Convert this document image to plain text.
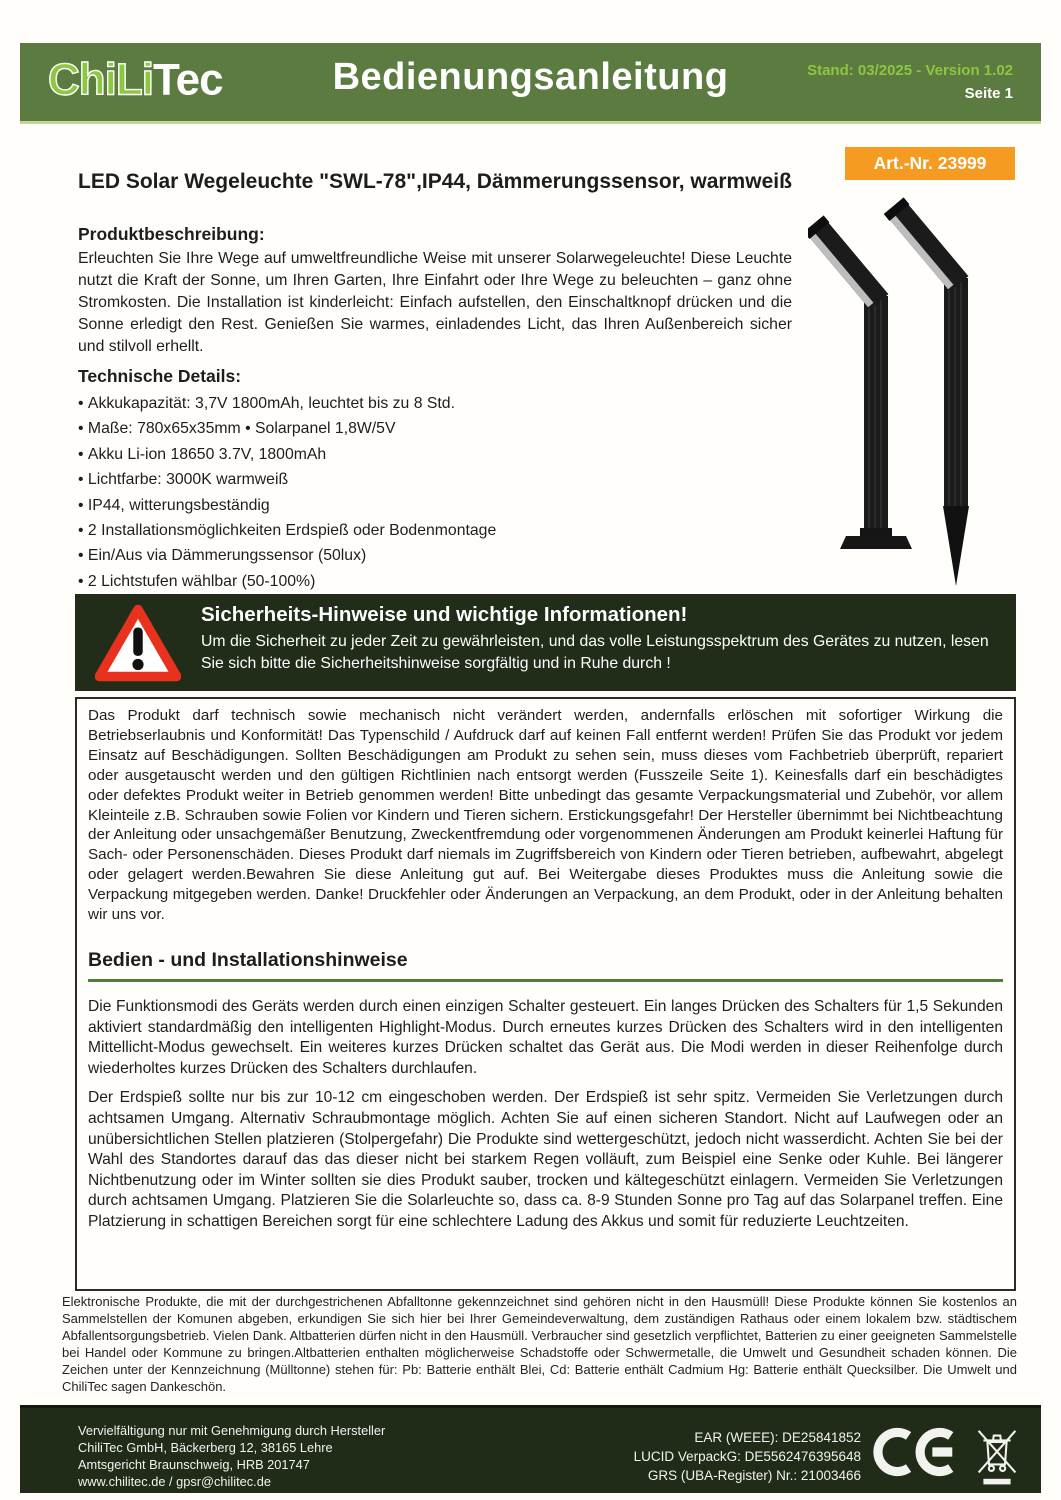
ChiLiTec	Bedienungsanleitung	Stand: 03/2025 - Version 1.02
Seite 1
Art.-Nr. 23999
LED Solar Wegeleuchte "SWL-78",IP44, Dämmerungssensor, warmweiß
Produktbeschreibung:
Erleuchten Sie Ihre Wege auf umweltfreundliche Weise mit unserer Solarwegeleuchte! Diese Leuchte nutzt die Kraft der Sonne, um Ihren Garten, Ihre Einfahrt oder Ihre Wege zu beleuchten – ganz ohne Stromkosten. Die Installation ist kinderleicht: Einfach aufstellen, den Einschaltknopf drücken und die Sonne erledigt den Rest. Genießen Sie warmes, einladendes Licht, das Ihren Außenbereich sicher und stilvoll erhellt.
Technische Details:
• Akkukapazität: 3,7V 1800mAh, leuchtet bis zu 8 Std.
• Maße: 780x65x35mm • Solarpanel 1,8W/5V
• Akku Li-ion 18650 3.7V, 1800mAh
• Lichtfarbe: 3000K warmweiß
• IP44, witterungsbeständig
• 2 Installationsmöglichkeiten Erdspieß oder Bodenmontage
• Ein/Aus via Dämmerungssensor (50lux)
• 2 Lichtstufen wählbar (50-100%)
Sicherheits-Hinweise und wichtige Informationen!
Um die Sicherheit zu jeder Zeit zu gewährleisten, und das volle Leistungsspektrum des Gerätes zu nutzen, lesen Sie sich bitte die Sicherheitshinweise sorgfältig und in Ruhe durch !
Das Produkt darf technisch sowie mechanisch nicht verändert werden, andernfalls erlöschen mit sofortiger Wirkung die Betriebserlaubnis und Konformität! Das Typenschild / Aufdruck darf auf keinen Fall entfernt werden! Prüfen Sie das Produkt vor jedem Einsatz auf Beschädigungen. Sollten Beschädigungen am Produkt zu sehen sein, muss dieses vom Fachbetrieb überprüft, repariert oder ausgetauscht werden und den gültigen Richtlinien nach entsorgt werden (Fusszeile Seite 1). Keinesfalls darf ein beschädigtes oder defektes Produkt weiter in Betrieb genommen werden! Bitte unbedingt das gesamte Verpackungsmaterial und Zubehör, vor allem Kleinteile z.B. Schrauben sowie Folien vor Kindern und Tieren sichern. Erstickungsgefahr! Der Hersteller übernimmt bei Nichtbeachtung der Anleitung oder unsachgemäßer Benutzung, Zweckentfremdung oder vorgenommenen Änderungen am Produkt keinerlei Haftung für Sach- oder Personenschäden. Dieses Produkt darf niemals im Zugriffsbereich von Kindern oder Tieren betrieben, aufbewahrt, abgelegt oder gelagert werden.Bewahren Sie diese Anleitung gut auf. Bei Weitergabe dieses Produktes muss die Anleitung sowie die Verpackung mitgegeben werden. Danke! Druckfehler oder Änderungen an Verpackung, an dem Produkt, oder in der Anleitung behalten wir uns vor.
Bedien - und Installationshinweise
Die Funktionsmodi des Geräts werden durch einen einzigen Schalter gesteuert. Ein langes Drücken des Schalters für 1,5 Sekunden aktiviert standardmäßig den intelligenten Highlight-Modus. Durch erneutes kurzes Drücken des Schalters wird in den intelligenten Mittellicht-Modus gewechselt. Ein weiteres kurzes Drücken schaltet das Gerät aus. Die Modi werden in dieser Reihenfolge durch wiederholtes kurzes Drücken des Schalters durchlaufen.
Der Erdspieß sollte nur bis zur 10-12 cm eingeschoben werden. Der Erdspieß ist sehr spitz. Vermeiden Sie Verletzungen durch achtsamen Umgang. Alternativ Schraubmontage möglich. Achten Sie auf einen sicheren Standort. Nicht auf Laufwegen oder an unübersichtlichen Stellen platzieren (Stolpergefahr) Die Produkte sind wettergeschützt, jedoch nicht wasserdicht. Achten Sie bei der Wahl des Standortes darauf das das dieser nicht bei starkem Regen volläuft, zum Beispiel eine Senke oder Kuhle. Bei längerer Nichtbenutzung oder im Winter sollten sie dies Produkt sauber, trocken und kältegeschützt einlagern. Vermeiden Sie Verletzungen durch achtsamen Umgang. Platzieren Sie die Solarleuchte so, dass ca. 8-9 Stunden Sonne pro Tag auf das Solarpanel treffen. Eine Platzierung in schattigen Bereichen sorgt für eine schlechtere Ladung des Akkus und somit für reduzierte Leuchtzeiten.
Elektronische Produkte, die mit der durchgestrichenen Abfalltonne gekennzeichnet sind gehören nicht in den Hausmüll! Diese Produkte können Sie kostenlos an Sammelstellen der Komunen abgeben, erkundigen Sie sich hier bei Ihrer Gemeindeverwaltung, dem zuständigen Rathaus oder einem lokalem bzw. städtischem Abfallentsorgungsbetrieb. Vielen Dank. Altbatterien dürfen nicht in den Hausmüll. Verbraucher sind gesetzlich verpflichtet, Batterien zu einer geeigneten Sammelstelle bei Handel oder Kommune zu bringen.Altbatterien enthalten möglicherweise Schadstoffe oder Schwermetalle, die Umwelt und Gesundheit schaden können. Die Zeichen unter der Kennzeichnung (Mülltonne) stehen für: Pb: Batterie enthält Blei, Cd: Batterie enthält Cadmium Hg: Batterie enthält Quecksilber. Die Umwelt und ChiliTec sagen Dankeschön.
Vervielfältigung nur mit Genehmigung durch Hersteller
ChiliTec GmbH, Bäckerberg 12, 38165 Lehre
Amtsgericht Braunschweig, HRB 201747
www.chilitec.de / gpsr@chilitec.de
EAR (WEEE): DE25841852
LUCID VerpackG: DE5562476395648
GRS (UBA-Register) Nr.: 21003466
